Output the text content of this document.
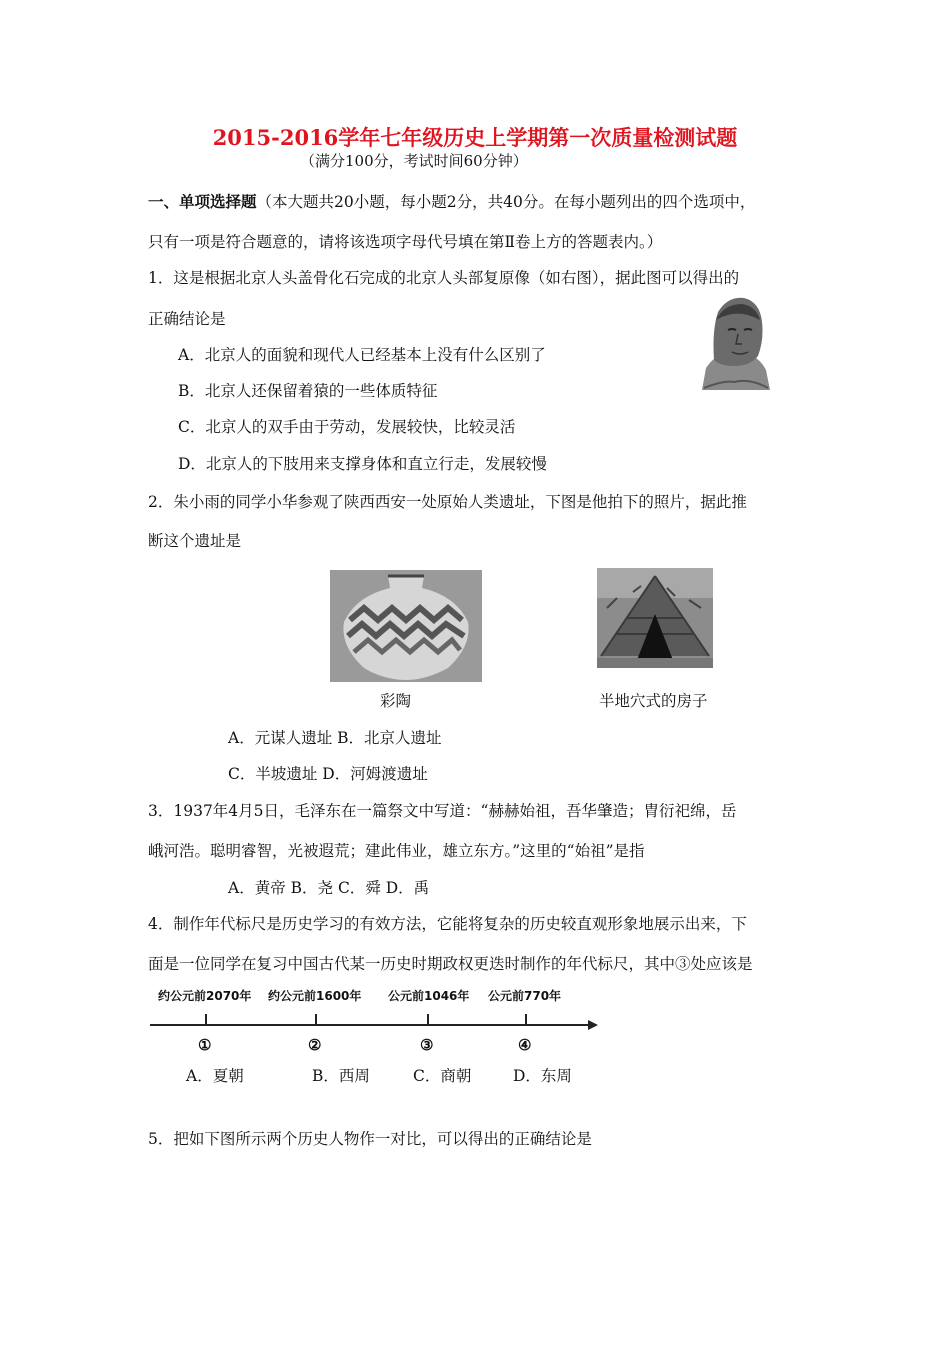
2015-2016学年七年级历史上学期第一次质量检测试题
（满分100分，考试时间60分钟）
一、单项选择题（本大题共20小题，每小题2分，共40分。在每小题列出的四个选项中，
只有一项是符合题意的，请将该选项字母代号填在第Ⅱ卷上方的答题表内。）
1．这是根据北京人头盖骨化石完成的北京人头部复原像（如右图），据此图可以得出的
正确结论是
A．北京人的面貌和现代人已经基本上没有什么区别了
B．北京人还保留着猿的一些体质特征
C．北京人的双手由于劳动，发展较快，比较灵活
D．北京人的下肢用来支撑身体和直立行走，发展较慢
2．朱小雨的同学小华参观了陕西西安一处原始人类遗址，下图是他拍下的照片，据此推
断这个遗址是
彩陶	半地穴式的房子
A．元谋人遗址 B．北京人遗址
C．半坡遗址 D．河姆渡遗址
3．1937年4月5日，毛泽东在一篇祭文中写道：“赫赫始祖，吾华肇造；胄衍祀绵，岳
峨河浩。聪明睿智，光被遐荒；建此伟业，雄立东方。”这里的“始祖”是指
A．黄帝 B．尧 C．舜 D．禹
4．制作年代标尺是历史学习的有效方法，它能将复杂的历史较直观形象地展示出来，下
面是一位同学在复习中国古代某一历史时期政权更迭时制作的年代标尺，其中③处应该是
约公元前2070年 约公元前1600年 公元前1046年 公元前770年
①	②	③	④
A．夏朝	B．西周	C．商朝	D．东周
5．把如下图所示两个历史人物作一对比，可以得出的正确结论是
